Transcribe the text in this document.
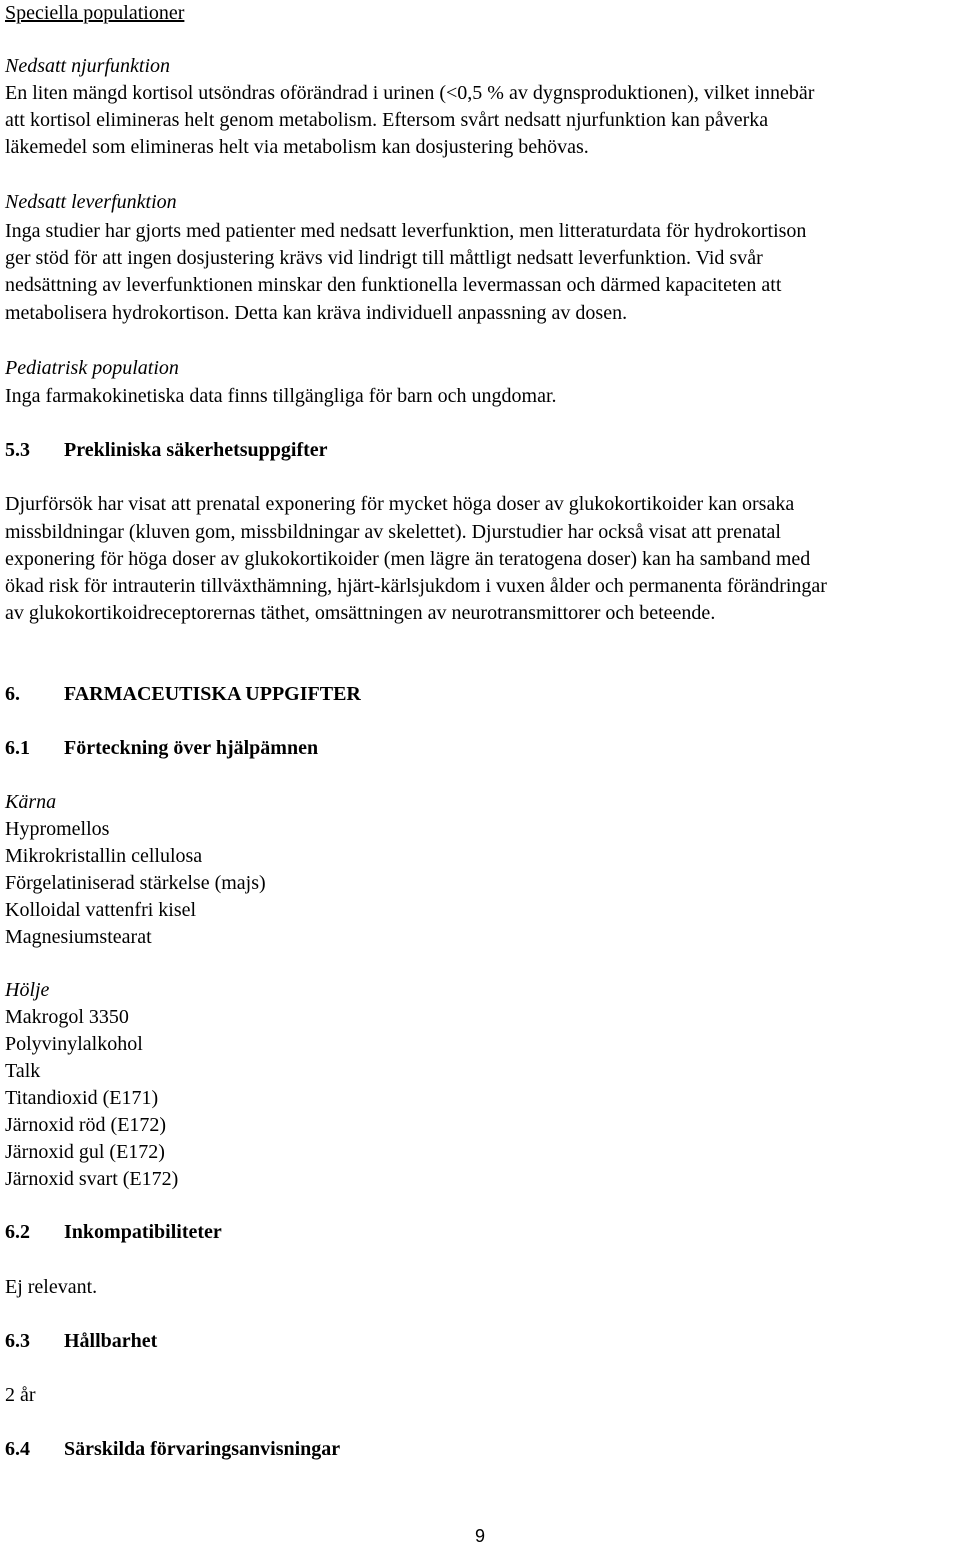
Speciella populationer
Nedsatt njurfunktion
En liten mängd kortisol utsöndras oförändrad i urinen (<0,5 % av dygnsproduktionen), vilket innebär
att kortisol elimineras helt genom metabolism. Eftersom svårt nedsatt njurfunktion kan påverka
läkemedel som elimineras helt via metabolism kan dosjustering behövas.
Nedsatt leverfunktion
Inga studier har gjorts med patienter med nedsatt leverfunktion, men litteraturdata för hydrokortison
ger stöd för att ingen dosjustering krävs vid lindrigt till måttligt nedsatt leverfunktion. Vid svår
nedsättning av leverfunktionen minskar den funktionella levermassan och därmed kapaciteten att
metabolisera hydrokortison. Detta kan kräva individuell anpassning av dosen.
Pediatrisk population
Inga farmakokinetiska data finns tillgängliga för barn och ungdomar.
5.3	Prekliniska säkerhetsuppgifter
Djurförsök har visat att prenatal exponering för mycket höga doser av glukokortikoider kan orsaka
missbildningar (kluven gom, missbildningar av skelettet). Djurstudier har också visat att prenatal
exponering för höga doser av glukokortikoider (men lägre än teratogena doser) kan ha samband med
ökad risk för intrauterin tillväxthämning, hjärt-kärlsjukdom i vuxen ålder och permanenta förändringar
av glukokortikoidreceptorernas täthet, omsättningen av neurotransmittorer och beteende.
6.	FARMACEUTISKA UPPGIFTER
6.1	Förteckning över hjälpämnen
Kärna
Hypromellos
Mikrokristallin cellulosa
Förgelatiniserad stärkelse (majs)
Kolloidal vattenfri kisel
Magnesiumstearat
Hölje
Makrogol 3350
Polyvinylalkohol
Talk
Titandioxid (E171)
Järnoxid röd (E172)
Järnoxid gul (E172)
Järnoxid svart (E172)
6.2	Inkompatibiliteter
Ej relevant.
6.3	Hållbarhet
2 år
6.4	Särskilda förvaringsanvisningar
9
